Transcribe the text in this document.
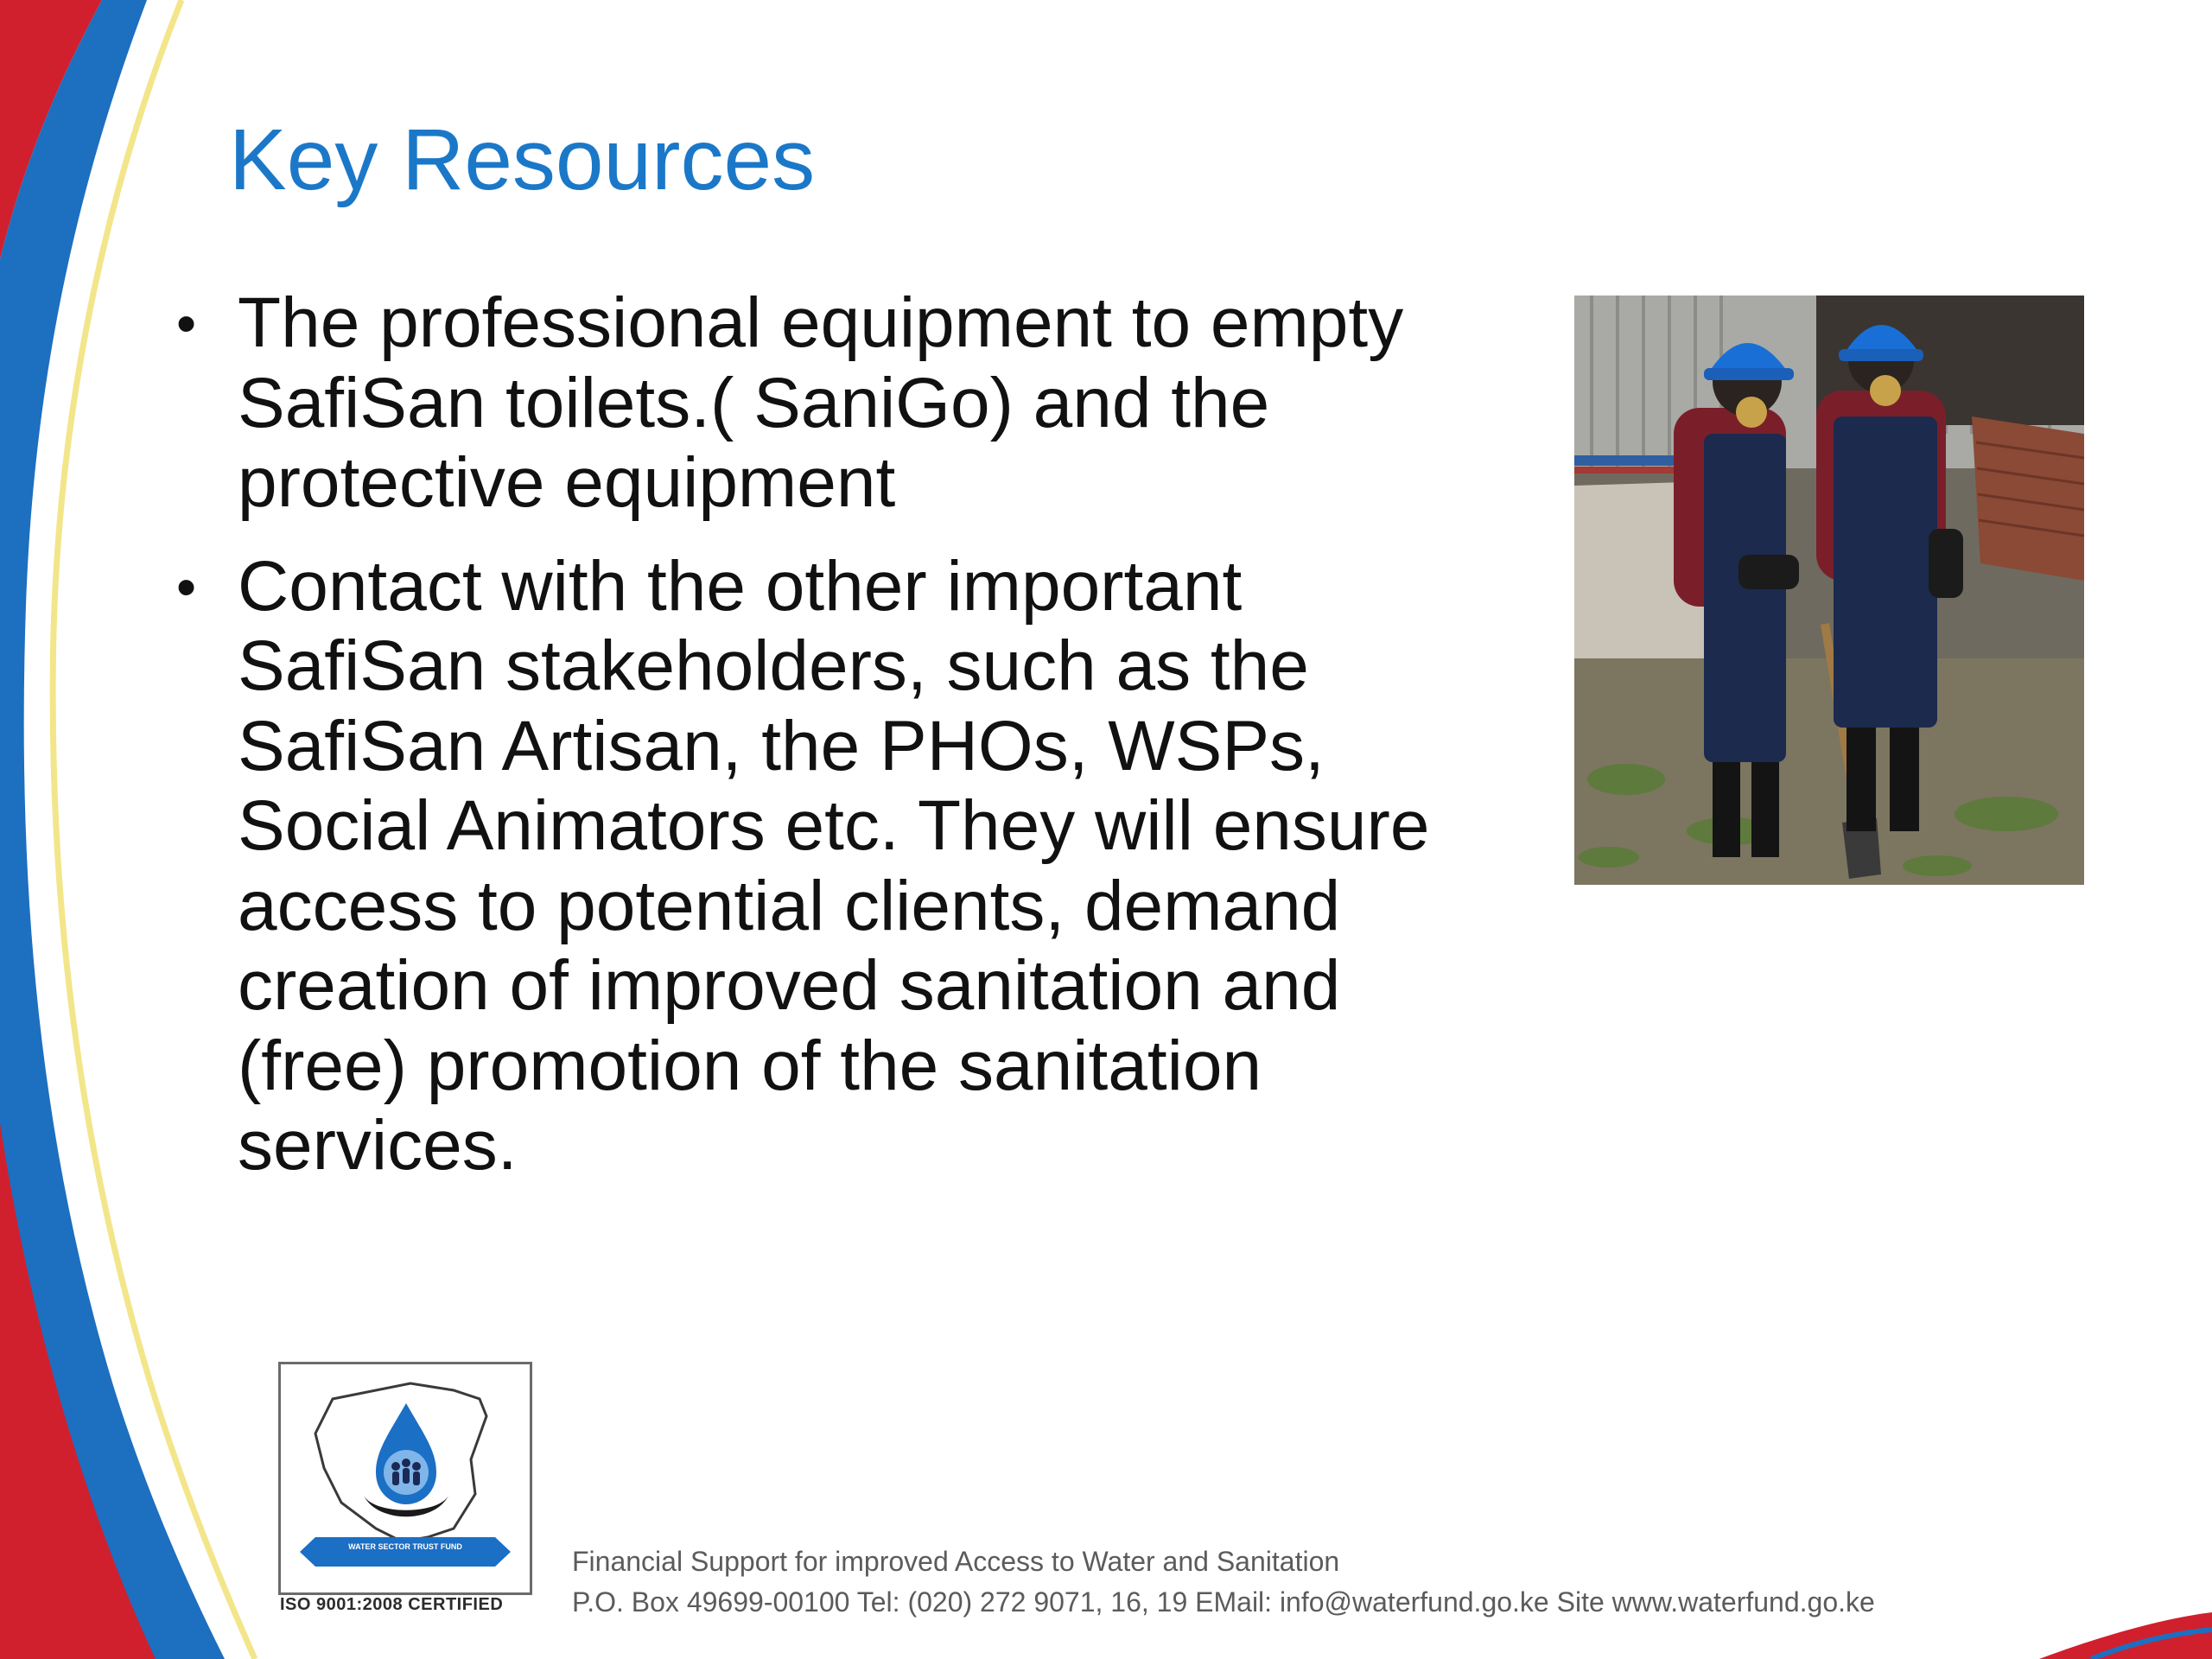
Key Resources
• The professional equipment to empty
SafiSan toilets.( SaniGo) and the
protective equipment
• Contact with the other important
SafiSan stakeholders, such as the
SafiSan Artisan, the PHOs, WSPs,
Social Animators etc. They will ensure
access to potential clients, demand
creation of improved sanitation and
(free) promotion of the sanitation
services.
WATER SECTOR TRUST FUND
ISO 9001:2008 CERTIFIED
Financial Support for improved Access to Water and Sanitation
P.O. Box 49699-00100 Tel: (020) 272 9071, 16, 19 EMail: info@waterfund.go.ke Site www.waterfund.go.ke
